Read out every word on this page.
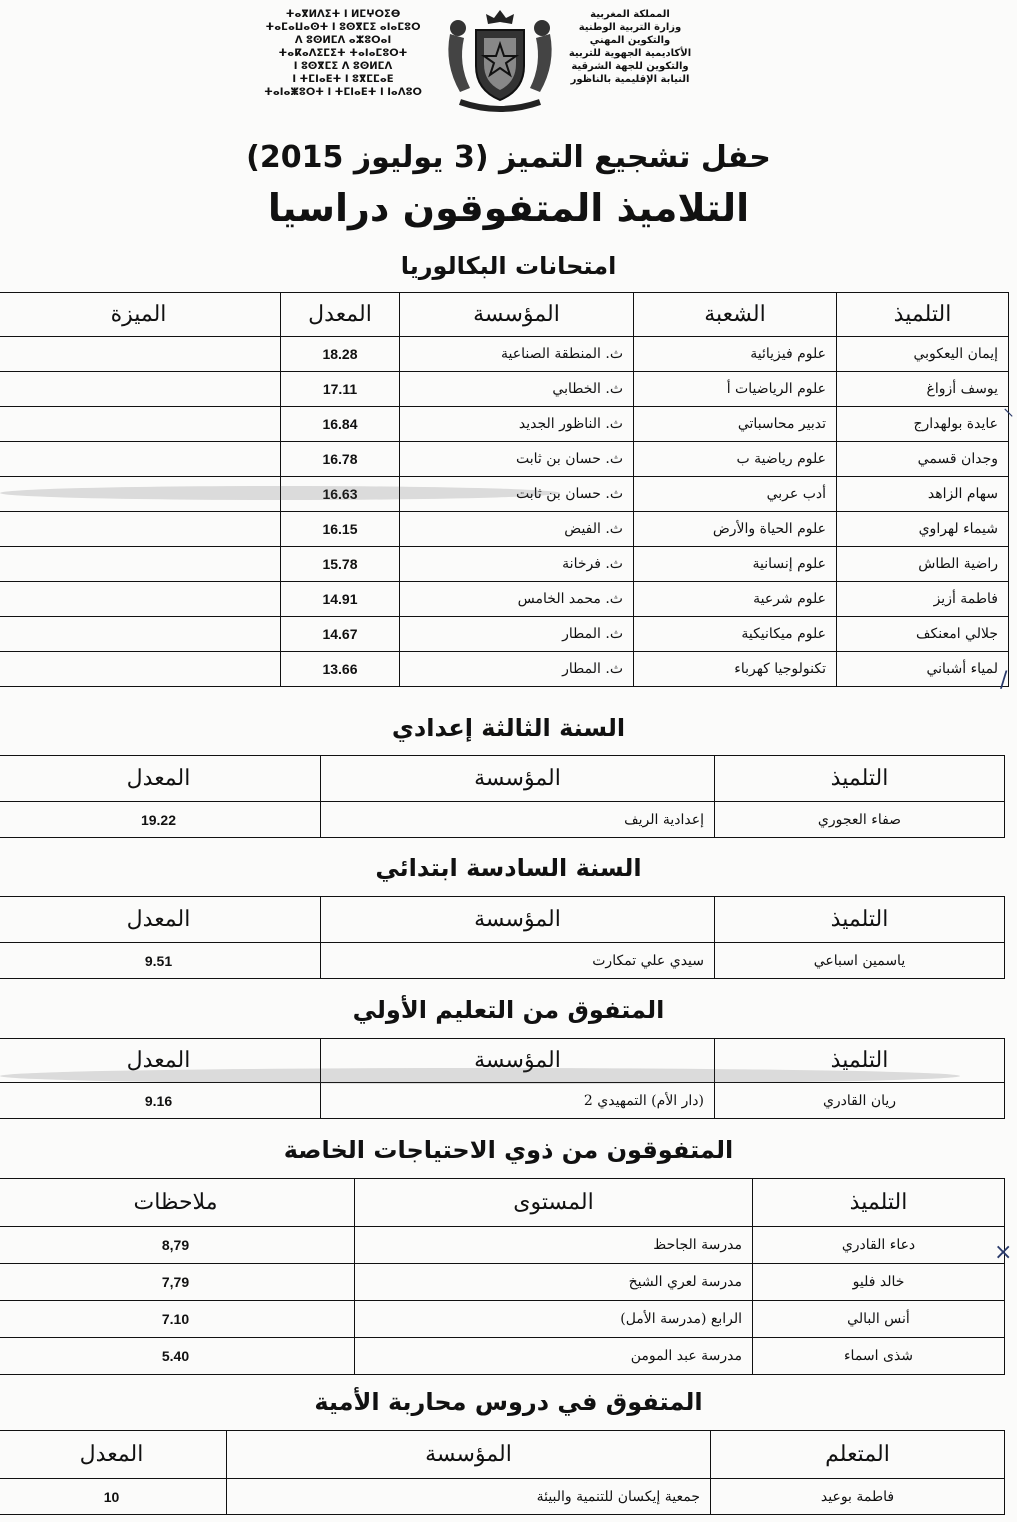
ⵜⴰⴳⵍⴷⵉⵜ ⵏ ⵍⵎⵖⵔⵉⴱ
ⵜⴰⵎⴰⵡⴰⵙⵜ ⵏ ⵓⵙⴳⵎⵉ ⴰⵏⴰⵎⵓⵔ
ⴷ ⵓⵙⵍⵎⴷ ⴰⵣⵓⵔⴰⵏ
ⵜⴰⴽⴰⴷⵉⵎⵉⵜ ⵜⴰⵏⴰⵎⵓⵔⵜ
ⵏ ⵓⵙⴳⵎⵉ ⴷ ⵓⵙⵍⵎⴷ
ⵏ ⵜⵎⵏⴰⴹⵜ ⵏ ⵓⴳⵎⵎⴰⴹ
ⵜⴰⵏⴰⵥⵓⵔⵜ ⵏ ⵜⵎⵏⴰⴹⵜ ⵏ ⵏⴰⴷⵓⵔ
المملكة المغربية
وزارة التربية الوطنية
والتكوين المهني
الأكاديمية الجهوية للتربية
والتكوين للجهة الشرقية
النيابة الإقليمية بالناظور
حفل تشجيع التميز (3 يوليوز 2015)
التلاميذ المتفوقون دراسيا
امتحانات البكالوريا
التلميذ	الشعبة	المؤسسة	المعدل	الميزة
إيمان اليعكوبي	علوم فيزيائية	ث. المنطقة الصناعية	18.28	
يوسف أزواغ	علوم الرياضيات أ	ث. الخطابي	17.11	
عايدة بولهدارج	تدبير محاسباتي	ث. الناظور الجديد	16.84	
وجدان قسمي	علوم رياضية ب	ث. حسان بن ثابت	16.78	
سهام الزاهد	أدب عربي	ث. حسان بن ثابت	16.63	
شيماء لهراوي	علوم الحياة والأرض	ث. الفيض	16.15	
راضية الطاش	علوم إنسانية	ث. فرخانة	15.78	
فاطمة أزيز	علوم شرعية	ث. محمد الخامس	14.91	
جلالي امعنكف	علوم ميكانيكية	ث. المطار	14.67	
لمياء أشباني	تكنولوجيا كهرباء	ث. المطار	13.66	
السنة الثالثة إعدادي
التلميذ	المؤسسة	المعدل
صفاء العجوري	إعدادية الريف	19.22
السنة السادسة ابتدائي
التلميذ	المؤسسة	المعدل
ياسمين اسباعي	سيدي علي تمكارت	9.51
المتفوق من التعليم الأولي
التلميذ	المؤسسة	المعدل
ريان القادري	(دار الأم) التمهيدي 2	9.16
المتفوقون من ذوي الاحتياجات الخاصة
التلميذ	المستوى	ملاحظات
دعاء القادري	مدرسة الجاحظ	8,79
خالد فليو	مدرسة لعري الشيخ	7,79
أنس البالي	الرابع (مدرسة الأمل)	7.10
شذى اسماء	مدرسة عبد المومن	5.40
المتفوق في دروس محاربة الأمية
المتعلم	المؤسسة	المعدل
فاطمة بوعيد	جمعية إيكسان للتنمية والبيئة	10
⸝
/
×
